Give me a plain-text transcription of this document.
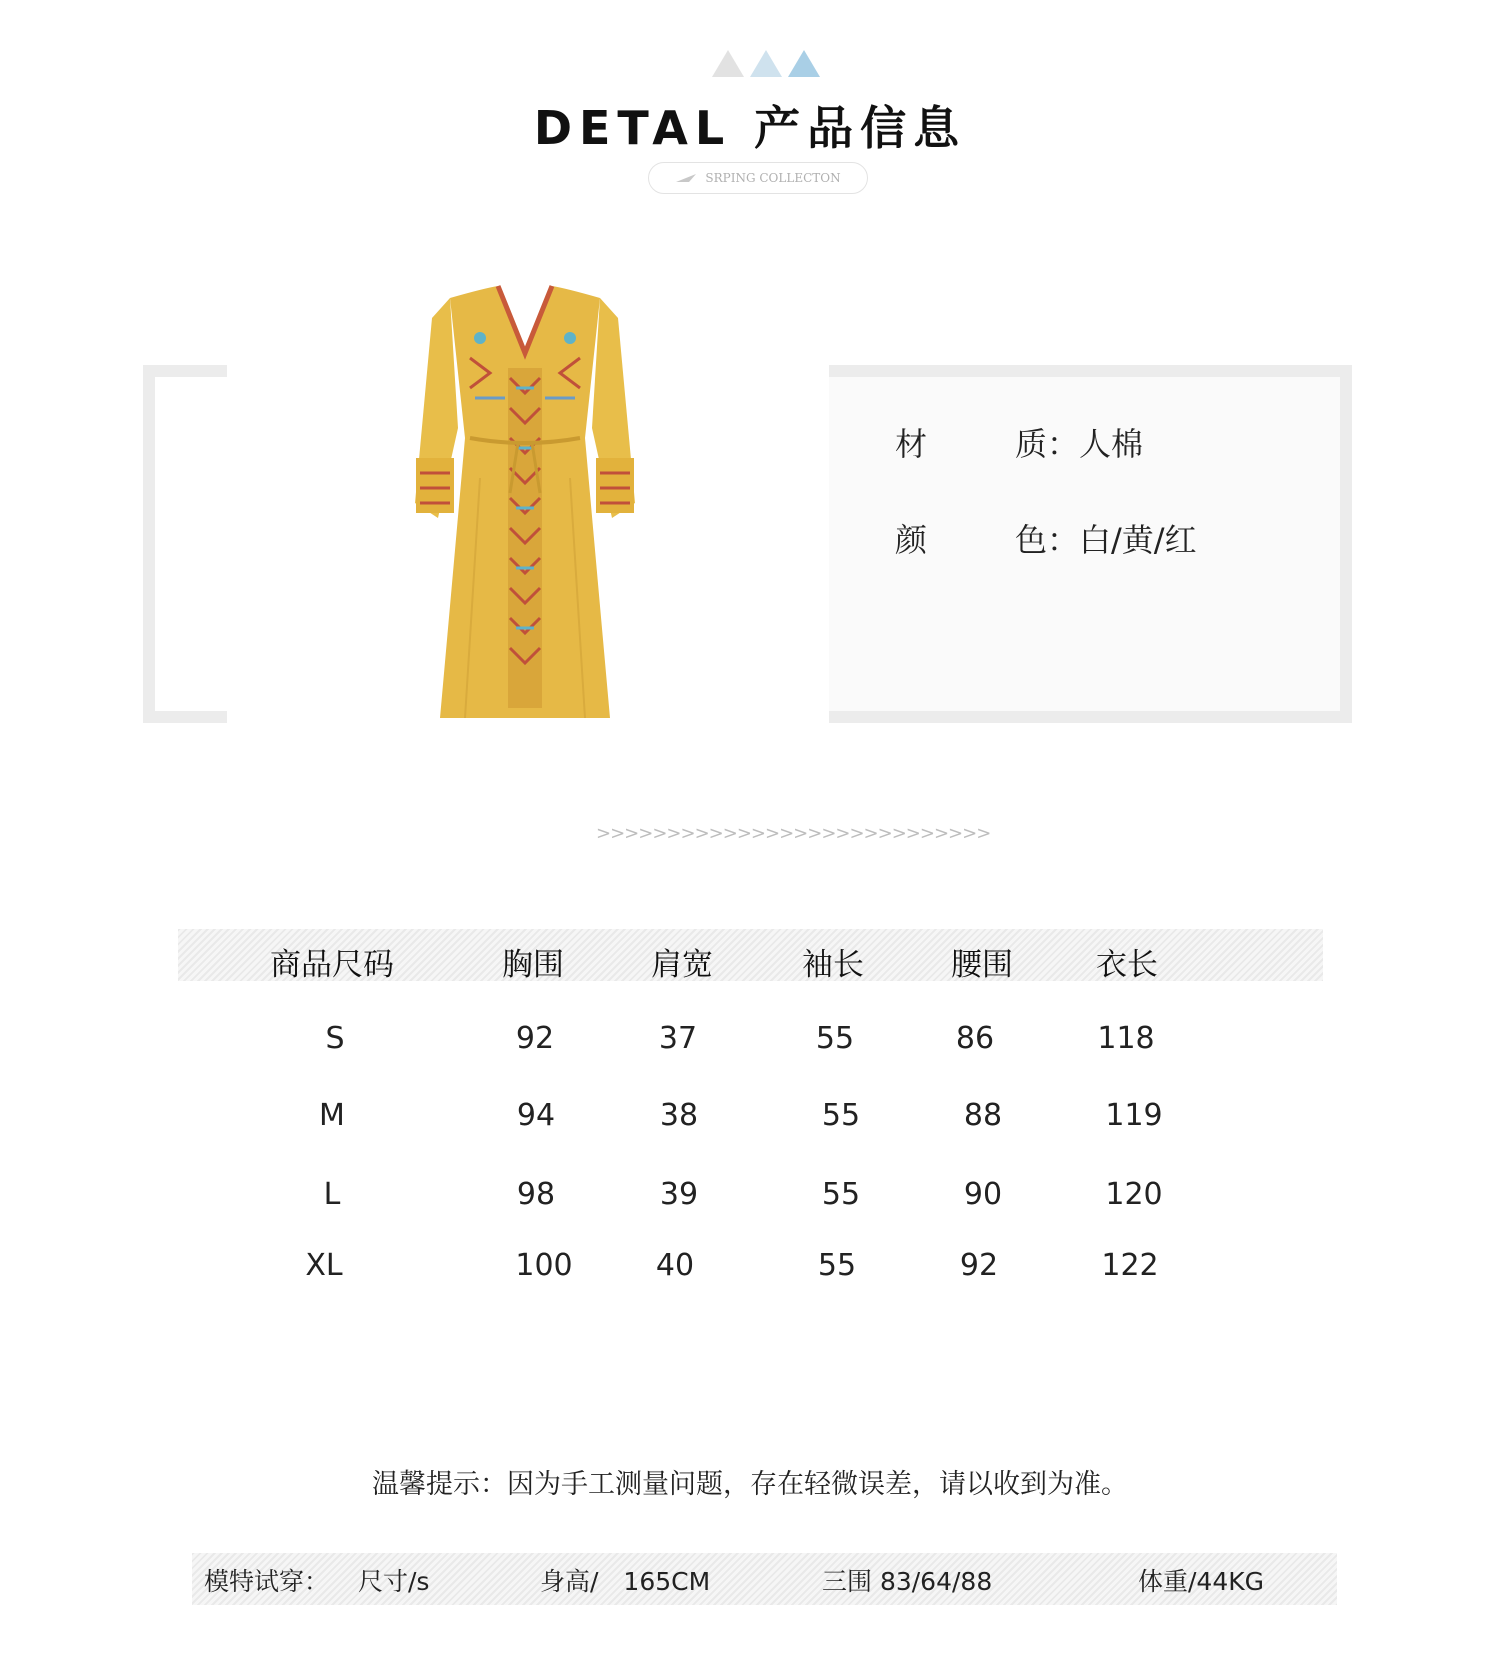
DETAL 产品信息
SRPING COLLECTON
材	质： 人棉
颜	色： 白/黄/红
>>>>>>>>>>>>>>>>>>>>>>>>>>>>
商品尺码	胸围	肩宽	袖长	腰围	衣长
S	92	37	55	86	118
M	94	38	55	88	119
L	98	39	55	90	120
XL	100	40	55	92	122
温馨提示：因为手工测量问题，存在轻微误差，请以收到为准。
模特试穿： 尺寸/s	身高/　165CM	三围 83/64/88	体重/44KG
